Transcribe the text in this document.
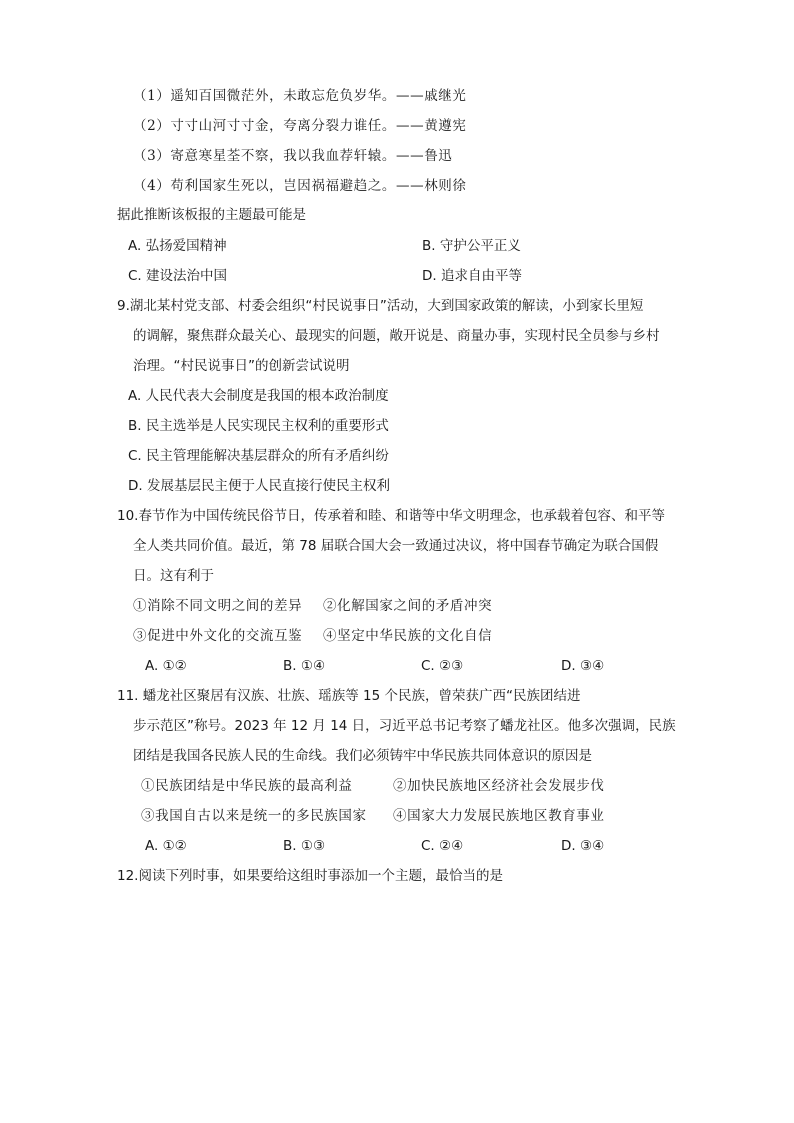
（1）遥知百国微茫外，未敢忘危负岁华。——戚继光
（2）寸寸山河寸寸金，夸离分裂力谁任。——黄遵宪
（3）寄意寒星荃不察，我以我血荐轩辕。——鲁迅
（4）苟利国家生死以，岂因祸福避趋之。——林则徐
据此推断该板报的主题最可能是
A. 弘扬爱国精神	B. 守护公平正义
C. 建设法治中国	D. 追求自由平等
9.湖北某村党支部、村委会组织“村民说事日”活动，大到国家政策的解读，小到家长里短
的调解，聚焦群众最关心、最现实的问题，敞开说是、商量办事，实现村民全员参与乡村
治理。“村民说事日”的创新尝试说明
A. 人民代表大会制度是我国的根本政治制度
B. 民主选举是人民实现民主权利的重要形式
C. 民主管理能解决基层群众的所有矛盾纠纷
D. 发展基层民主便于人民直接行使民主权利
10.春节作为中国传统民俗节日，传承着和睦、和谐等中华文明理念，也承载着包容、和平等
全人类共同价值。最近，第 78 届联合国大会一致通过决议，将中国春节确定为联合国假
日。这有利于
①消除不同文明之间的差异 ②化解国家之间的矛盾冲突
③促进中外文化的交流互鉴 ④坚定中华民族的文化自信
A. ①②	B. ①④	C. ②③	D. ③④
11. 蟠龙社区聚居有汉族、壮族、瑶族等 15 个民族，曾荣获广西“民族团结进
步示范区”称号。2023 年 12 月 14 日，习近平总书记考察了蟠龙社区。他多次强调，民族
团结是我国各民族人民的生命线。我们必须铸牢中华民族共同体意识的原因是
①民族团结是中华民族的最高利益	②加快民族地区经济社会发展步伐
③我国自古以来是统一的多民族国家 ④国家大力发展民族地区教育事业
A. ①②	B. ①③	C. ②④	D. ③④
12.阅读下列时事，如果要给这组时事添加一个主题，最恰当的是
